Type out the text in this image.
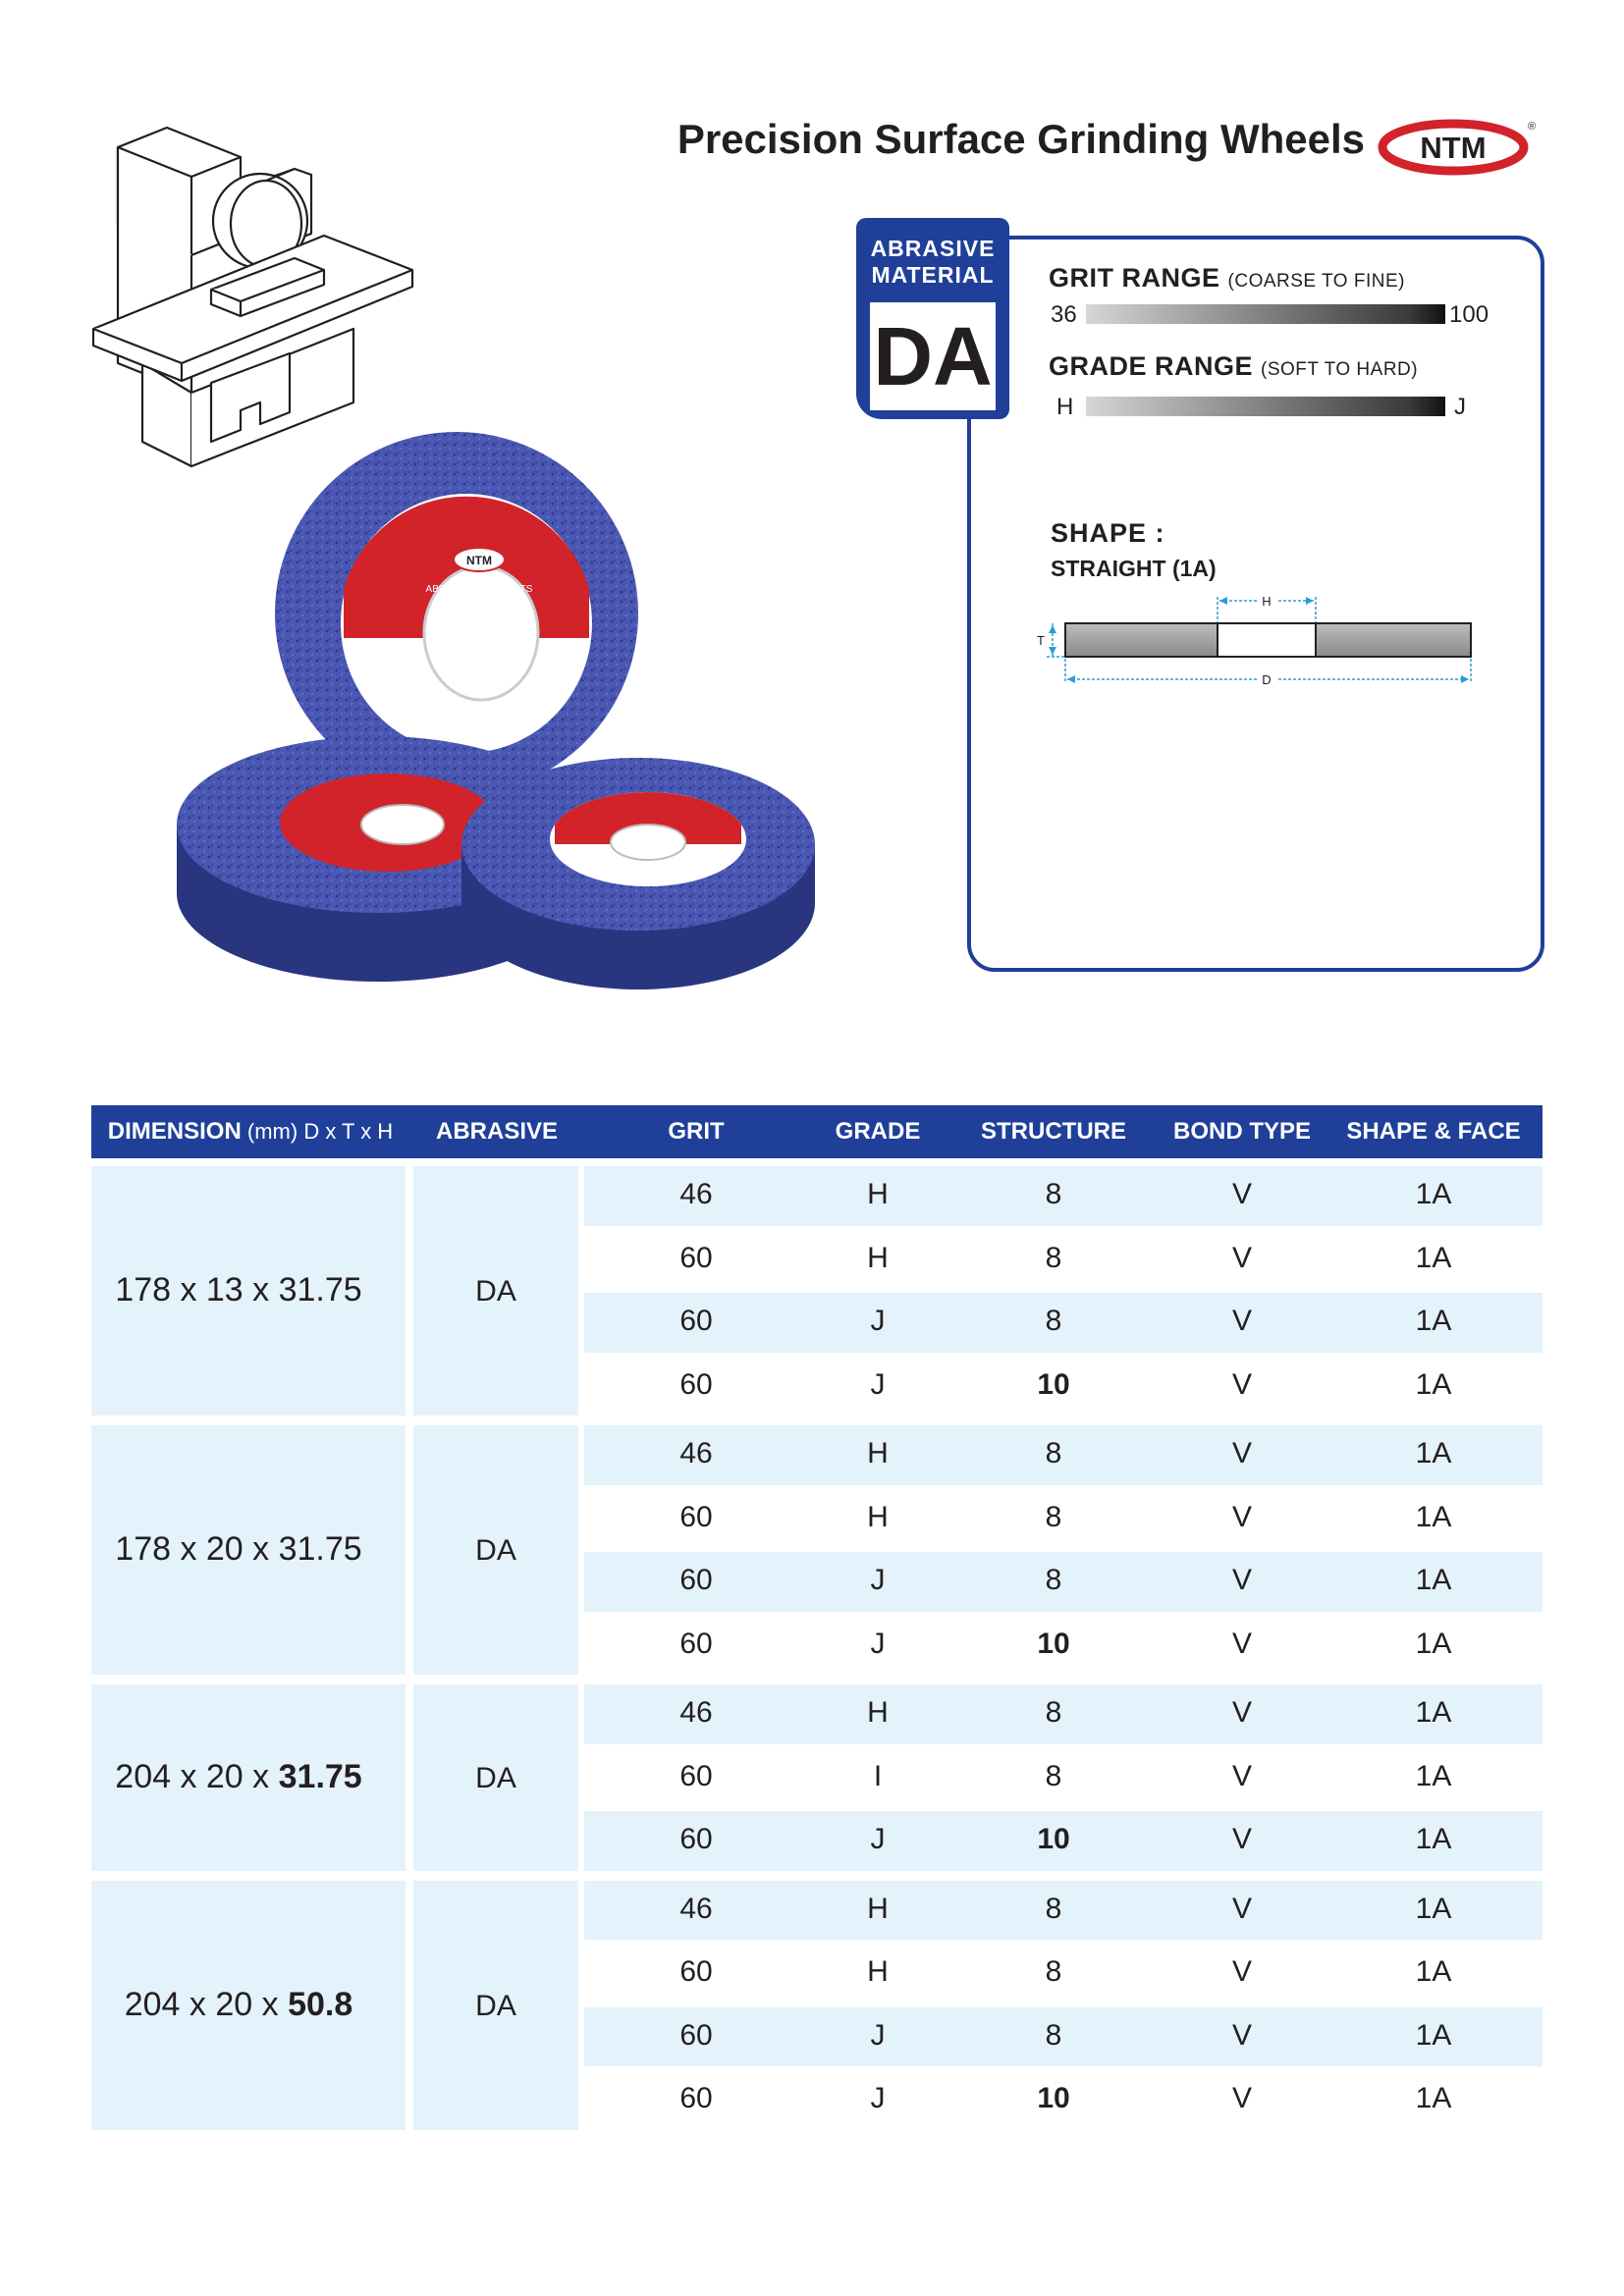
Precision Surface Grinding Wheels NTM
®
NTM
ABRASIVE PRODUCTS
ABRASIVE
MATERIAL
DA
GRIT RANGE (COARSE TO FINE)
36	100
GRADE RANGE (SOFT TO HARD)
H	J
SHAPE :
STRAIGHT (1A)
H
T
D
DIMENSION (mm) D x T x H	ABRASIVE	GRIT	GRADE	STRUCTURE	BOND TYPE	SHAPE & FACE
178 x 13 x 31.75	DA
46	H	8	V	1A
60	H	8	V	1A
60	J	8	V	1A
60	J	10	V	1A
178 x 20 x 31.75	DA
46	H	8	V	1A
60	H	8	V	1A
60	J	8	V	1A
60	J	10	V	1A
204 x 20 x 31.75	DA
46	H	8	V	1A
60	I	8	V	1A
60	J	10	V	1A
204 x 20 x 50.8	DA
46	H	8	V	1A
60	H	8	V	1A
60	J	8	V	1A
60	J	10	V	1A
